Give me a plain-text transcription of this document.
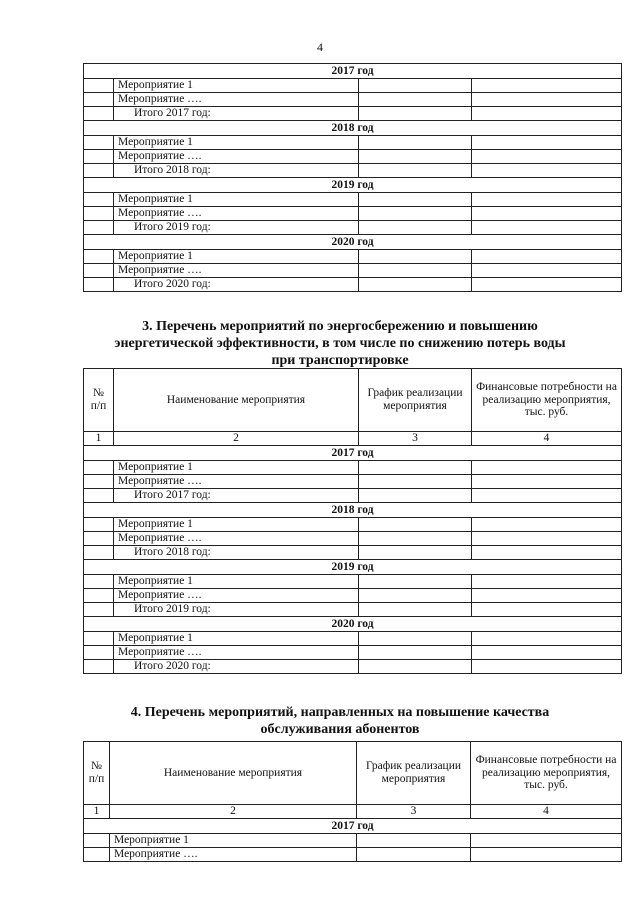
4
2017 год			
	Мероприятие 1		
	Мероприятие ….		
	Итого 2017 год:		
2018 год			
	Мероприятие 1		
	Мероприятие ….		
	Итого 2018 год:		
2019 год			
	Мероприятие 1		
	Мероприятие ….		
	Итого 2019 год:		
2020 год			
	Мероприятие 1		
	Мероприятие ….		
	Итого 2020 год:		
3. Перечень мероприятий по энергосбережению и повышению
энергетической эффективности, в том числе по снижению потерь воды
при транспортировке
№ п/п	Наименование мероприятия	График реализации мероприятия	Финансовые потребности на реализацию мероприятия, тыс. руб.
1	2	3	4
2017 год			
	Мероприятие 1		
	Мероприятие ….		
	Итого 2017 год:		
2018 год			
	Мероприятие 1		
	Мероприятие ….		
	Итого 2018 год:		
2019 год			
	Мероприятие 1		
	Мероприятие ….		
	Итого 2019 год:		
2020 год			
	Мероприятие 1		
	Мероприятие ….		
	Итого 2020 год:		
4. Перечень мероприятий, направленных на повышение качества
обслуживания абонентов
№ п/п	Наименование мероприятия	График реализации мероприятия	Финансовые потребности на реализацию мероприятия, тыс. руб.
1	2	3	4
2017 год			
	Мероприятие 1		
	Мероприятие ….		
